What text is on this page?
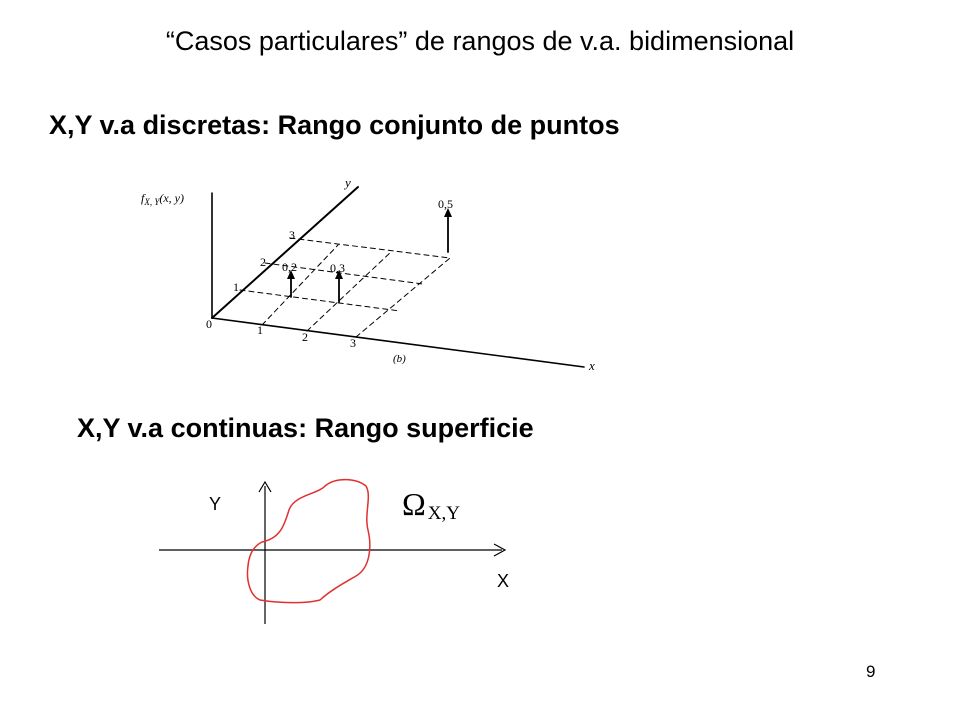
“Casos particulares” de rangos de v.a. bidimensional
X,Y v.a discretas: Rango conjunto de puntos
$f_{X, Y}(x$, y)
y
x
0	1	2	3
1
2
3
0,2	0,3
0,5
(b)
X,Y v.a continuas: Rango superficie
Y
X
Ω X,Y
9
